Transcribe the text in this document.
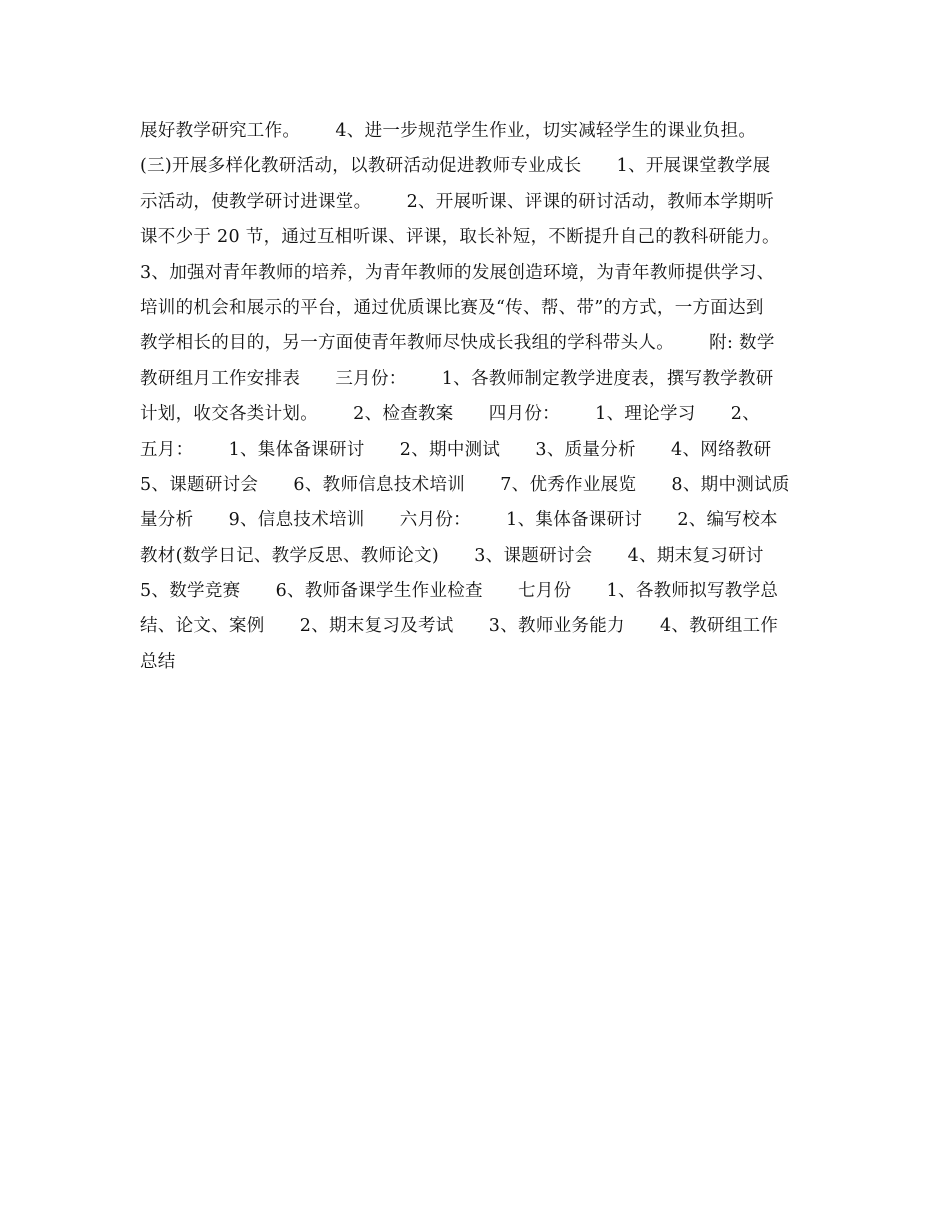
展好教学研究工作。      4、进一步规范学生作业，切实减轻学生的课业负担。
(三)开展多样化教研活动，以教研活动促进教师专业成长      1、开展课堂教学展
示活动，使教学研讨进课堂。      2、开展听课、评课的研讨活动，教师本学期听
课不少于 20 节，通过互相听课、评课，取长补短，不断提升自己的教科研能力。
3、加强对青年教师的培养，为青年教师的发展创造环境，为青年教师提供学习、
培训的机会和展示的平台，通过优质课比赛及“传、帮、带”的方式，一方面达到
教学相长的目的，另一方面使青年教师尽快成长我组的学科带头人。      附: 数学
教研组月工作安排表      三月份：      1、各教师制定教学进度表，撰写教学教研
计划，收交各类计划。      2、检查教案      四月份：      1、理论学习      2、
五月：      1、集体备课研讨      2、期中测试      3、质量分析      4、网络教研
5、课题研讨会      6、教师信息技术培训      7、优秀作业展览      8、期中测试质
量分析      9、信息技术培训      六月份：      1、集体备课研讨      2、编写校本
教材(数学日记、教学反思、教师论文)      3、课题研讨会      4、期末复习研讨
5、数学竞赛      6、教师备课学生作业检查      七月份      1、各教师拟写教学总
结、论文、案例      2、期末复习及考试      3、教师业务能力      4、教研组工作
总结
